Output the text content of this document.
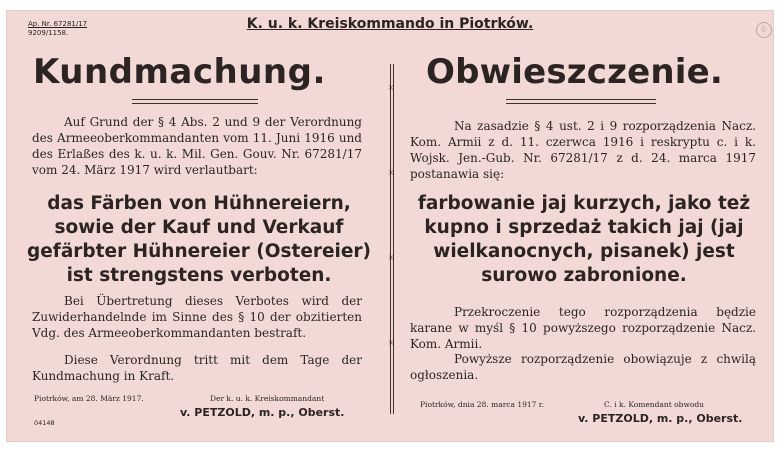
Ap. Nr. 67281/17
9209/1158.
K. u. k. Kreiskommando in Piotrków.	©
Kundmachung.
Auf Grund der § 4 Abs. 2 und 9 der Verordnung des Armeeoberkommandanten vom 11. Juni 1916 und des Erlaßes des k. u. k. Mil. Gen. Gouv. Nr. 67281/17 vom 24. März 1917 wird verlautbart:
das Färben von Hühnereiern, sowie der Kauf und Verkauf gefärbter Hühnereier (Ostereier) ist strengstens verboten.
Bei Übertretung dieses Verbotes wird der Zuwiderhandelnde im Sinne des § 10 der obzitierten Vdg. des Armeeoberkommandanten bestraft.
Diese Verordnung tritt mit dem Tage der Kundmachung in Kraft.
Piotrków, am 28. März 1917.	Der k. u. k. Kreiskommandant
v. PETZOLD, m. p., Oberst.
04148
×
×
×
×
Obwieszczenie.
Na zasadzie § 4 ust. 2 i 9 rozporządzenia Nacz. Kom. Armii z d. 11. czerwca 1916 i reskryptu c. i k. Wojsk. Jen.-Gub. Nr. 67281/17 z d. 24. marca 1917 postanawia się:
farbowanie jaj kurzych, jako też kupno i sprzedaż takich jaj (jaj wielkanocnych, pisanek) jest surowo zabronione.
Przekroczenie tego rozporządzenia będzie karane w myśl § 10 powyższego rozporządzenie Nacz. Kom. Armii.
Powyższe rozporządzenie obowiązuje z chwilą ogłoszenia.
Piotrków, dnia 28. marca 1917 r.	C. i k. Komendant obwodu
v. PETZOLD, m. p., Oberst.
